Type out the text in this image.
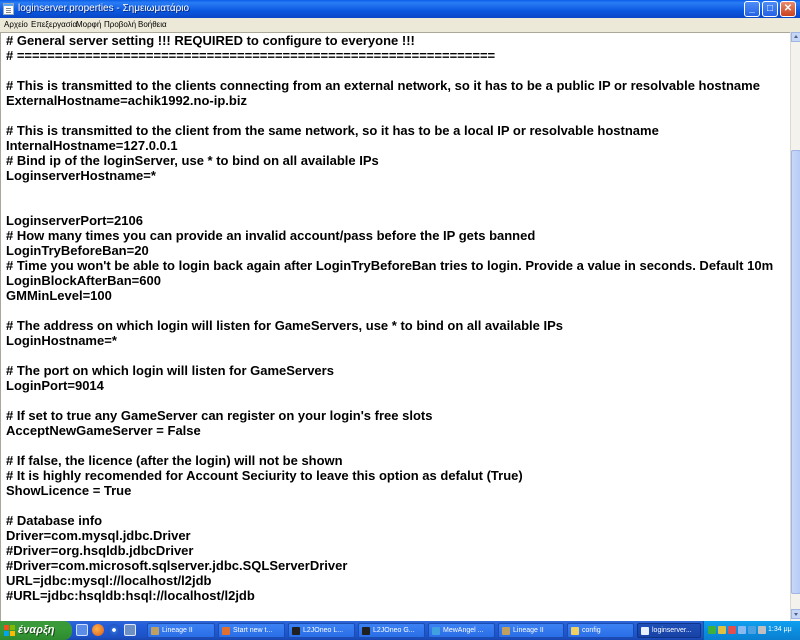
loginserver.properties - Σημειωματάριο	_	□	✕
Αρχείο Επεξεργασία
Μορφή Προβολή Βοήθεια
# General server setting !!! REQUIRED to configure to everyone !!!
# ===============================================================
# This is transmitted to the clients connecting from an external network, so it has to be a public IP or resolvable hostname
ExternalHostname=achik1992.no-ip.biz
# This is transmitted to the client from the same network, so it has to be a local IP or resolvable hostname
InternalHostname=127.0.0.1
# Bind ip of the loginServer, use * to bind on all available IPs
LoginserverHostname=*
LoginserverPort=2106
# How many times you can provide an invalid account/pass before the IP gets banned
LoginTryBeforeBan=20
# Time you won't be able to login back again after LoginTryBeforeBan tries to login. Provide a value in seconds. Default 10m
LoginBlockAfterBan=600
GMMinLevel=100
# The address on which login will listen for GameServers, use * to bind on all available IPs
LoginHostname=*
# The port on which login will listen for GameServers
LoginPort=9014
# If set to true any GameServer can register on your login's free slots
AcceptNewGameServer = False
# If false, the licence (after the login) will not be shown
# It is highly recomended for Account Seciurity to leave this option as defalut (True)
ShowLicence = True
# Database info
Driver=com.mysql.jdbc.Driver
#Driver=org.hsqldb.jdbcDriver
#Driver=com.microsoft.sqlserver.jdbc.SQLServerDriver
URL=jdbc:mysql://localhost/l2jdb
#URL=jdbc:hsqldb:hsql://localhost/l2jdb
έναρξη	Lineage II	Start new t...	L2JOneo L...	L2JOneo G...	MewAngel ...	Lineage II	config	loginserver...	1:34 μμ
